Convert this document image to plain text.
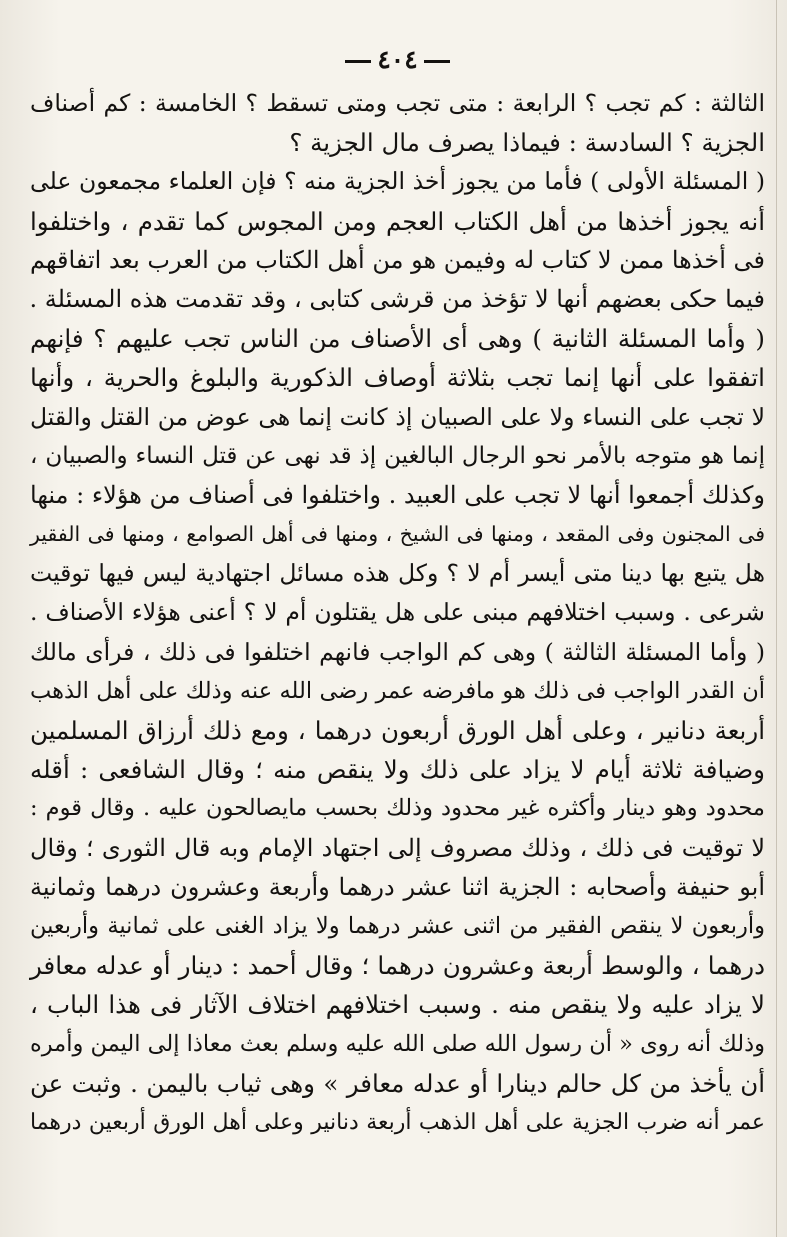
٤٠٤
الثالثة : كم تجب ؟ الرابعة : متى تجب ومتى تسقط ؟ الخامسة : كم أصناف
الجزية ؟ السادسة : فيماذا يصرف مال الجزية ؟
( المسئلة الأولى ) فأما من يجوز أخذ الجزية منه ؟ فإن العلماء مجمعون على
أنه يجوز أخذها من أهل الكتاب العجم ومن المجوس كما تقدم ، واختلفوا
فى أخذها ممن لا كتاب له وفيمن هو من أهل الكتاب من العرب بعد اتفاقهم
فيما حكى بعضهم أنها لا تؤخذ من قرشى كتابى ، وقد تقدمت هذه المسئلة .
( وأما المسئلة الثانية ) وهى أى الأصناف من الناس تجب عليهم ؟ فإنهم
اتفقوا على أنها إنما تجب بثلاثة أوصاف الذكورية والبلوغ والحرية ، وأنها
لا تجب على النساء ولا على الصبيان إذ كانت إنما هى عوض من القتل والقتل
إنما هو متوجه بالأمر نحو الرجال البالغين إذ قد نهى عن قتل النساء والصبيان ،
وكذلك أجمعوا أنها لا تجب على العبيد . واختلفوا فى أصناف من هؤلاء : منها
فى المجنون وفى المقعد ، ومنها فى الشيخ ، ومنها فى أهل الصوامع ، ومنها فى الفقير
هل يتبع بها دينا متى أيسر أم لا ؟ وكل هذه مسائل اجتهادية ليس فيها توقيت
شرعى . وسبب اختلافهم مبنى على هل يقتلون أم لا ؟ أعنى هؤلاء الأصناف .
( وأما المسئلة الثالثة ) وهى كم الواجب فانهم اختلفوا فى ذلك ، فرأى مالك
أن القدر الواجب فى ذلك هو مافرضه عمر رضى الله عنه وذلك على أهل الذهب
أربعة دنانير ، وعلى أهل الورق أربعون درهما ، ومع ذلك أرزاق المسلمين
وضيافة ثلاثة أيام لا يزاد على ذلك ولا ينقص منه ؛ وقال الشافعى : أقله
محدود وهو دينار وأكثره غير محدود وذلك بحسب مايصالحون عليه . وقال قوم :
لا توقيت فى ذلك ، وذلك مصروف إلى اجتهاد الإمام وبه قال الثورى ؛ وقال
أبو حنيفة وأصحابه : الجزية اثنا عشر درهما وأربعة وعشرون درهما وثمانية
وأربعون لا ينقص الفقير من اثنى عشر درهما ولا يزاد الغنى على ثمانية وأربعين
درهما ، والوسط أربعة وعشرون درهما ؛ وقال أحمد : دينار أو عدله معافر
لا يزاد عليه ولا ينقص منه . وسبب اختلافهم اختلاف الآثار فى هذا الباب ،
وذلك أنه روى « أن رسول الله صلى الله عليه وسلم بعث معاذا إلى اليمن وأمره
أن يأخذ من كل حالم دينارا أو عدله معافر » وهى ثياب باليمن . وثبت عن
عمر أنه ضرب الجزية على أهل الذهب أربعة دنانير وعلى أهل الورق أربعين درهما
